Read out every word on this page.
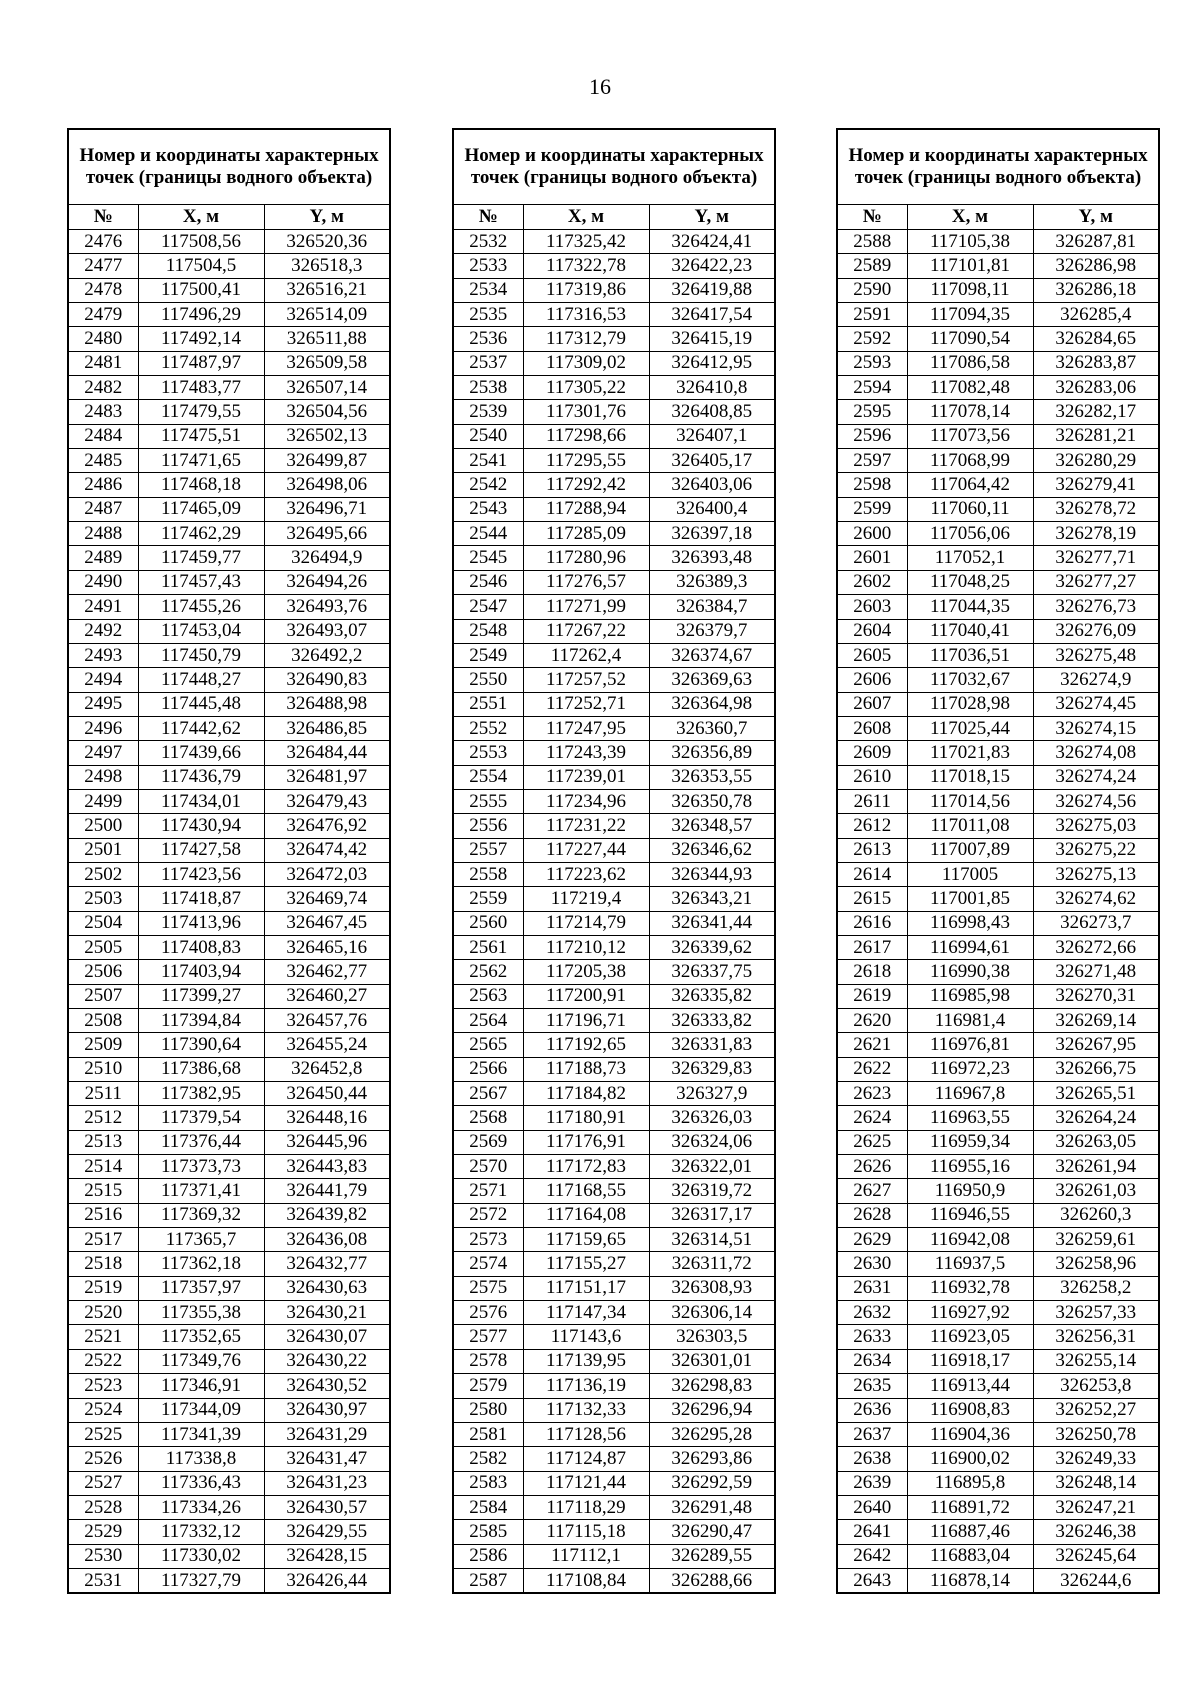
16
Номер и координаты характерных точек (границы водного объекта)		
№	X, м	Y, м
2476	117508,56	326520,36
2477	117504,5	326518,3
2478	117500,41	326516,21
2479	117496,29	326514,09
2480	117492,14	326511,88
2481	117487,97	326509,58
2482	117483,77	326507,14
2483	117479,55	326504,56
2484	117475,51	326502,13
2485	117471,65	326499,87
2486	117468,18	326498,06
2487	117465,09	326496,71
2488	117462,29	326495,66
2489	117459,77	326494,9
2490	117457,43	326494,26
2491	117455,26	326493,76
2492	117453,04	326493,07
2493	117450,79	326492,2
2494	117448,27	326490,83
2495	117445,48	326488,98
2496	117442,62	326486,85
2497	117439,66	326484,44
2498	117436,79	326481,97
2499	117434,01	326479,43
2500	117430,94	326476,92
2501	117427,58	326474,42
2502	117423,56	326472,03
2503	117418,87	326469,74
2504	117413,96	326467,45
2505	117408,83	326465,16
2506	117403,94	326462,77
2507	117399,27	326460,27
2508	117394,84	326457,76
2509	117390,64	326455,24
2510	117386,68	326452,8
2511	117382,95	326450,44
2512	117379,54	326448,16
2513	117376,44	326445,96
2514	117373,73	326443,83
2515	117371,41	326441,79
2516	117369,32	326439,82
2517	117365,7	326436,08
2518	117362,18	326432,77
2519	117357,97	326430,63
2520	117355,38	326430,21
2521	117352,65	326430,07
2522	117349,76	326430,22
2523	117346,91	326430,52
2524	117344,09	326430,97
2525	117341,39	326431,29
2526	117338,8	326431,47
2527	117336,43	326431,23
2528	117334,26	326430,57
2529	117332,12	326429,55
2530	117330,02	326428,15
2531	117327,79	326426,44
Номер и координаты характерных точек (границы водного объекта)		
№	X, м	Y, м
2532	117325,42	326424,41
2533	117322,78	326422,23
2534	117319,86	326419,88
2535	117316,53	326417,54
2536	117312,79	326415,19
2537	117309,02	326412,95
2538	117305,22	326410,8
2539	117301,76	326408,85
2540	117298,66	326407,1
2541	117295,55	326405,17
2542	117292,42	326403,06
2543	117288,94	326400,4
2544	117285,09	326397,18
2545	117280,96	326393,48
2546	117276,57	326389,3
2547	117271,99	326384,7
2548	117267,22	326379,7
2549	117262,4	326374,67
2550	117257,52	326369,63
2551	117252,71	326364,98
2552	117247,95	326360,7
2553	117243,39	326356,89
2554	117239,01	326353,55
2555	117234,96	326350,78
2556	117231,22	326348,57
2557	117227,44	326346,62
2558	117223,62	326344,93
2559	117219,4	326343,21
2560	117214,79	326341,44
2561	117210,12	326339,62
2562	117205,38	326337,75
2563	117200,91	326335,82
2564	117196,71	326333,82
2565	117192,65	326331,83
2566	117188,73	326329,83
2567	117184,82	326327,9
2568	117180,91	326326,03
2569	117176,91	326324,06
2570	117172,83	326322,01
2571	117168,55	326319,72
2572	117164,08	326317,17
2573	117159,65	326314,51
2574	117155,27	326311,72
2575	117151,17	326308,93
2576	117147,34	326306,14
2577	117143,6	326303,5
2578	117139,95	326301,01
2579	117136,19	326298,83
2580	117132,33	326296,94
2581	117128,56	326295,28
2582	117124,87	326293,86
2583	117121,44	326292,59
2584	117118,29	326291,48
2585	117115,18	326290,47
2586	117112,1	326289,55
2587	117108,84	326288,66
Номер и координаты характерных точек (границы водного объекта)		
№	X, м	Y, м
2588	117105,38	326287,81
2589	117101,81	326286,98
2590	117098,11	326286,18
2591	117094,35	326285,4
2592	117090,54	326284,65
2593	117086,58	326283,87
2594	117082,48	326283,06
2595	117078,14	326282,17
2596	117073,56	326281,21
2597	117068,99	326280,29
2598	117064,42	326279,41
2599	117060,11	326278,72
2600	117056,06	326278,19
2601	117052,1	326277,71
2602	117048,25	326277,27
2603	117044,35	326276,73
2604	117040,41	326276,09
2605	117036,51	326275,48
2606	117032,67	326274,9
2607	117028,98	326274,45
2608	117025,44	326274,15
2609	117021,83	326274,08
2610	117018,15	326274,24
2611	117014,56	326274,56
2612	117011,08	326275,03
2613	117007,89	326275,22
2614	117005	326275,13
2615	117001,85	326274,62
2616	116998,43	326273,7
2617	116994,61	326272,66
2618	116990,38	326271,48
2619	116985,98	326270,31
2620	116981,4	326269,14
2621	116976,81	326267,95
2622	116972,23	326266,75
2623	116967,8	326265,51
2624	116963,55	326264,24
2625	116959,34	326263,05
2626	116955,16	326261,94
2627	116950,9	326261,03
2628	116946,55	326260,3
2629	116942,08	326259,61
2630	116937,5	326258,96
2631	116932,78	326258,2
2632	116927,92	326257,33
2633	116923,05	326256,31
2634	116918,17	326255,14
2635	116913,44	326253,8
2636	116908,83	326252,27
2637	116904,36	326250,78
2638	116900,02	326249,33
2639	116895,8	326248,14
2640	116891,72	326247,21
2641	116887,46	326246,38
2642	116883,04	326245,64
2643	116878,14	326244,6
